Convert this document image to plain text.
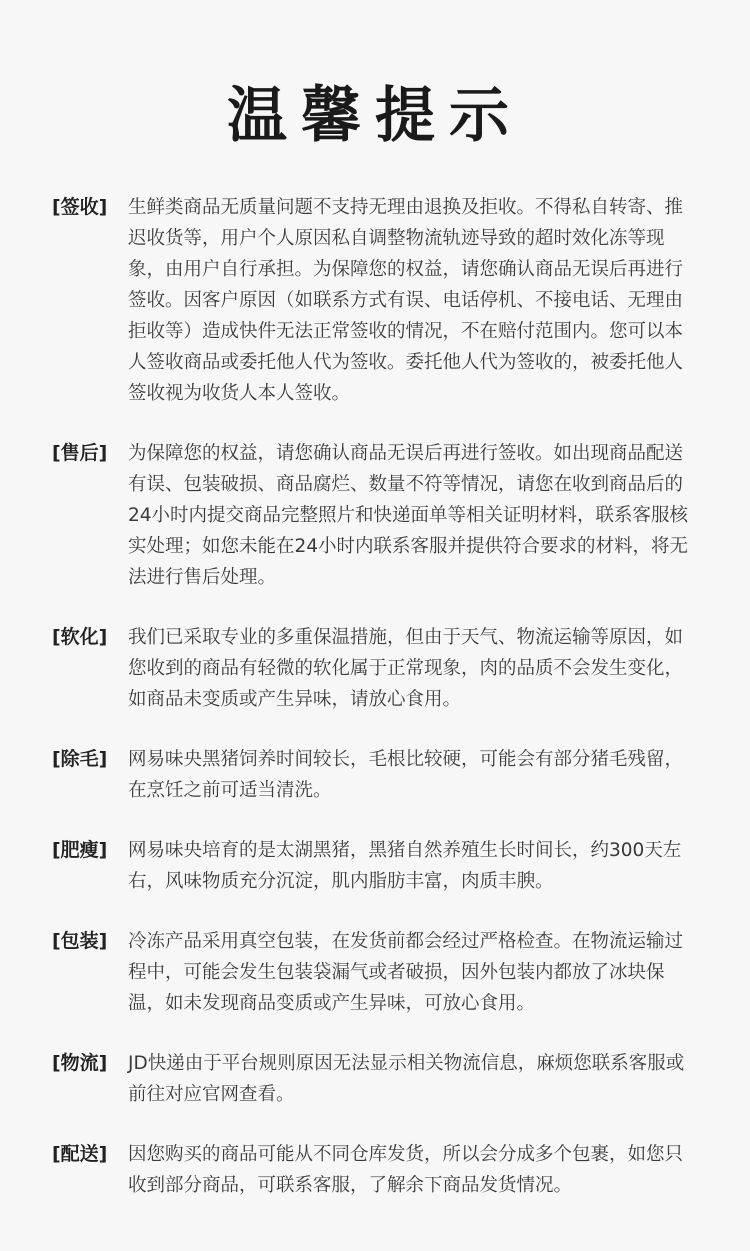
温馨提示
[签收]	生鲜类商品无质量问题不支持无理由退换及拒收。不得私自转寄、推迟收货等，用户个人原因私自调整物流轨迹导致的超时效化冻等现象，由用户自行承担。为保障您的权益，请您确认商品无误后再进行签收。因客户原因（如联系方式有误、电话停机、不接电话、无理由拒收等）造成快件无法正常签收的情况，不在赔付范围内。您可以本人签收商品或委托他人代为签收。委托他人代为签收的，被委托他人签收视为收货人本人签收。
[售后]	为保障您的权益，请您确认商品无误后再进行签收。如出现商品配送有误、包装破损、商品腐烂、数量不符等情况，请您在收到商品后的24小时内提交商品完整照片和快递面单等相关证明材料，联系客服核实处理；如您未能在24小时内联系客服并提供符合要求的材料，将无法进行售后处理。
[软化]	我们已采取专业的多重保温措施，但由于天气、物流运输等原因，如您收到的商品有轻微的软化属于正常现象，肉的品质不会发生变化，如商品未变质或产生异味，请放心食用。
[除毛]	网易味央黑猪饲养时间较长，毛根比较硬，可能会有部分猪毛残留，在烹饪之前可适当清洗。
[肥瘦]	网易味央培育的是太湖黑猪，黑猪自然养殖生长时间长，约300天左右，风味物质充分沉淀，肌内脂肪丰富，肉质丰腴。
[包装]	冷冻产品采用真空包装，在发货前都会经过严格检查。在物流运输过程中，可能会发生包装袋漏气或者破损，因外包装内都放了冰块保温，如未发现商品变质或产生异味，可放心食用。
[物流]	JD快递由于平台规则原因无法显示相关物流信息，麻烦您联系客服或前往对应官网查看。
[配送]	因您购买的商品可能从不同仓库发货，所以会分成多个包裹，如您只收到部分商品，可联系客服，了解余下商品发货情况。
